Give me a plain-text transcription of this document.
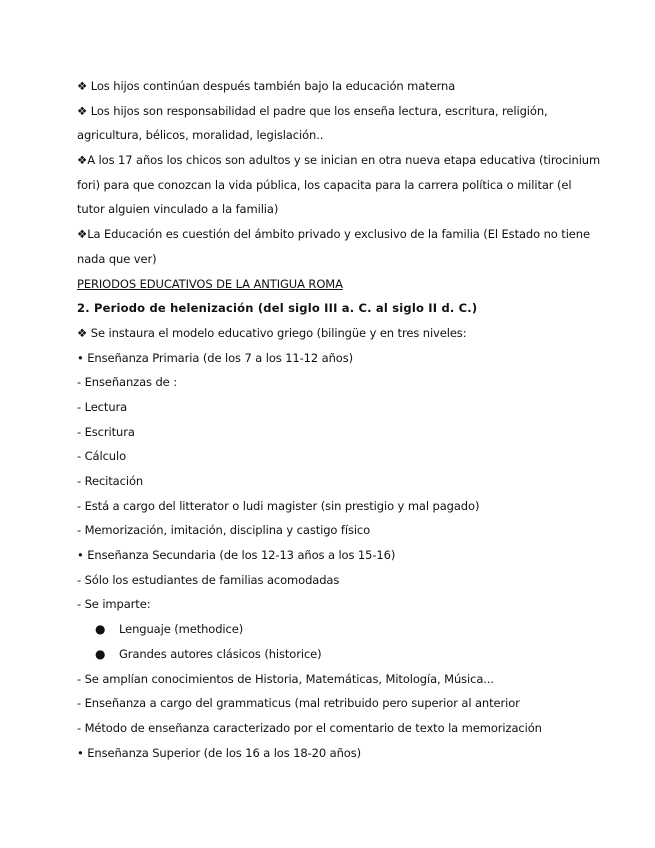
❖ Los hijos continúan después también bajo la educación materna
❖ Los hijos son responsabilidad el padre que los enseña lectura, escritura, religión,
agricultura, bélicos, moralidad, legislación..
❖A los 17 años los chicos son adultos y se inician en otra nueva etapa educativa (tirocinium
fori) para que conozcan la vida pública, los capacita para la carrera política o militar (el
tutor alguien vinculado a la familia)
❖La Educación es cuestión del ámbito privado y exclusivo de la familia (El Estado no tiene
nada que ver)
PERIODOS EDUCATIVOS DE LA ANTIGUA ROMA
2. Periodo de helenización (del siglo III a. C. al siglo II d. C.)
❖ Se instaura el modelo educativo griego (bilingüe y en tres niveles:
• Enseñanza Primaria (de los 7 a los 11-12 años)
- Enseñanzas de :
- Lectura
- Escritura
- Cálculo
- Recitación
- Está a cargo del litterator o ludi magister (sin prestigio y mal pagado)
- Memorización, imitación, disciplina y castigo físico
• Enseñanza Secundaria (de los 12-13 años a los 15-16)
- Sólo los estudiantes de familias acomodadas
- Se imparte:
● Lenguaje (methodice)
● Grandes autores clásicos (historice)
- Se amplían conocimientos de Historia, Matemáticas, Mitología, Música...
- Enseñanza a cargo del grammaticus (mal retribuido pero superior al anterior
- Método de enseñanza caracterizado por el comentario de texto la memorización
• Enseñanza Superior (de los 16 a los 18-20 años)
